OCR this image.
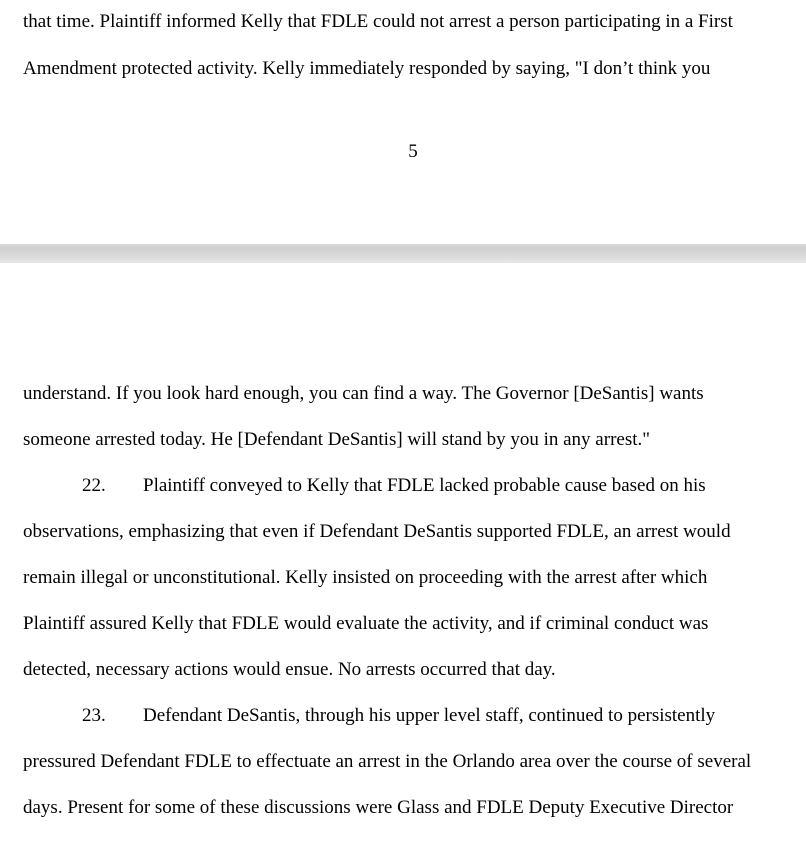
that time. Plaintiff informed Kelly that FDLE could not arrest a person participating in a First

Amendment protected activity. Kelly immediately responded by saying, "I don’t think you

5

understand. If you look hard enough, you can find a way. The Governor [DeSantis] wants

someone arrested today. He [Defendant DeSantis] will stand by you in any arrest."

22. Plaintiff conveyed to Kelly that FDLE lacked probable cause based on his

observations, emphasizing that even if Defendant DeSantis supported FDLE, an arrest would

remain illegal or unconstitutional. Kelly insisted on proceeding with the arrest after which

Plaintiff assured Kelly that FDLE would evaluate the activity, and if criminal conduct was

detected, necessary actions would ensue. No arrests occurred that day.

23. Defendant DeSantis, through his upper level staff, continued to persistently

pressured Defendant FDLE to effectuate an arrest in the Orlando area over the course of several

days. Present for some of these discussions were Glass and FDLE Deputy Executive Director
